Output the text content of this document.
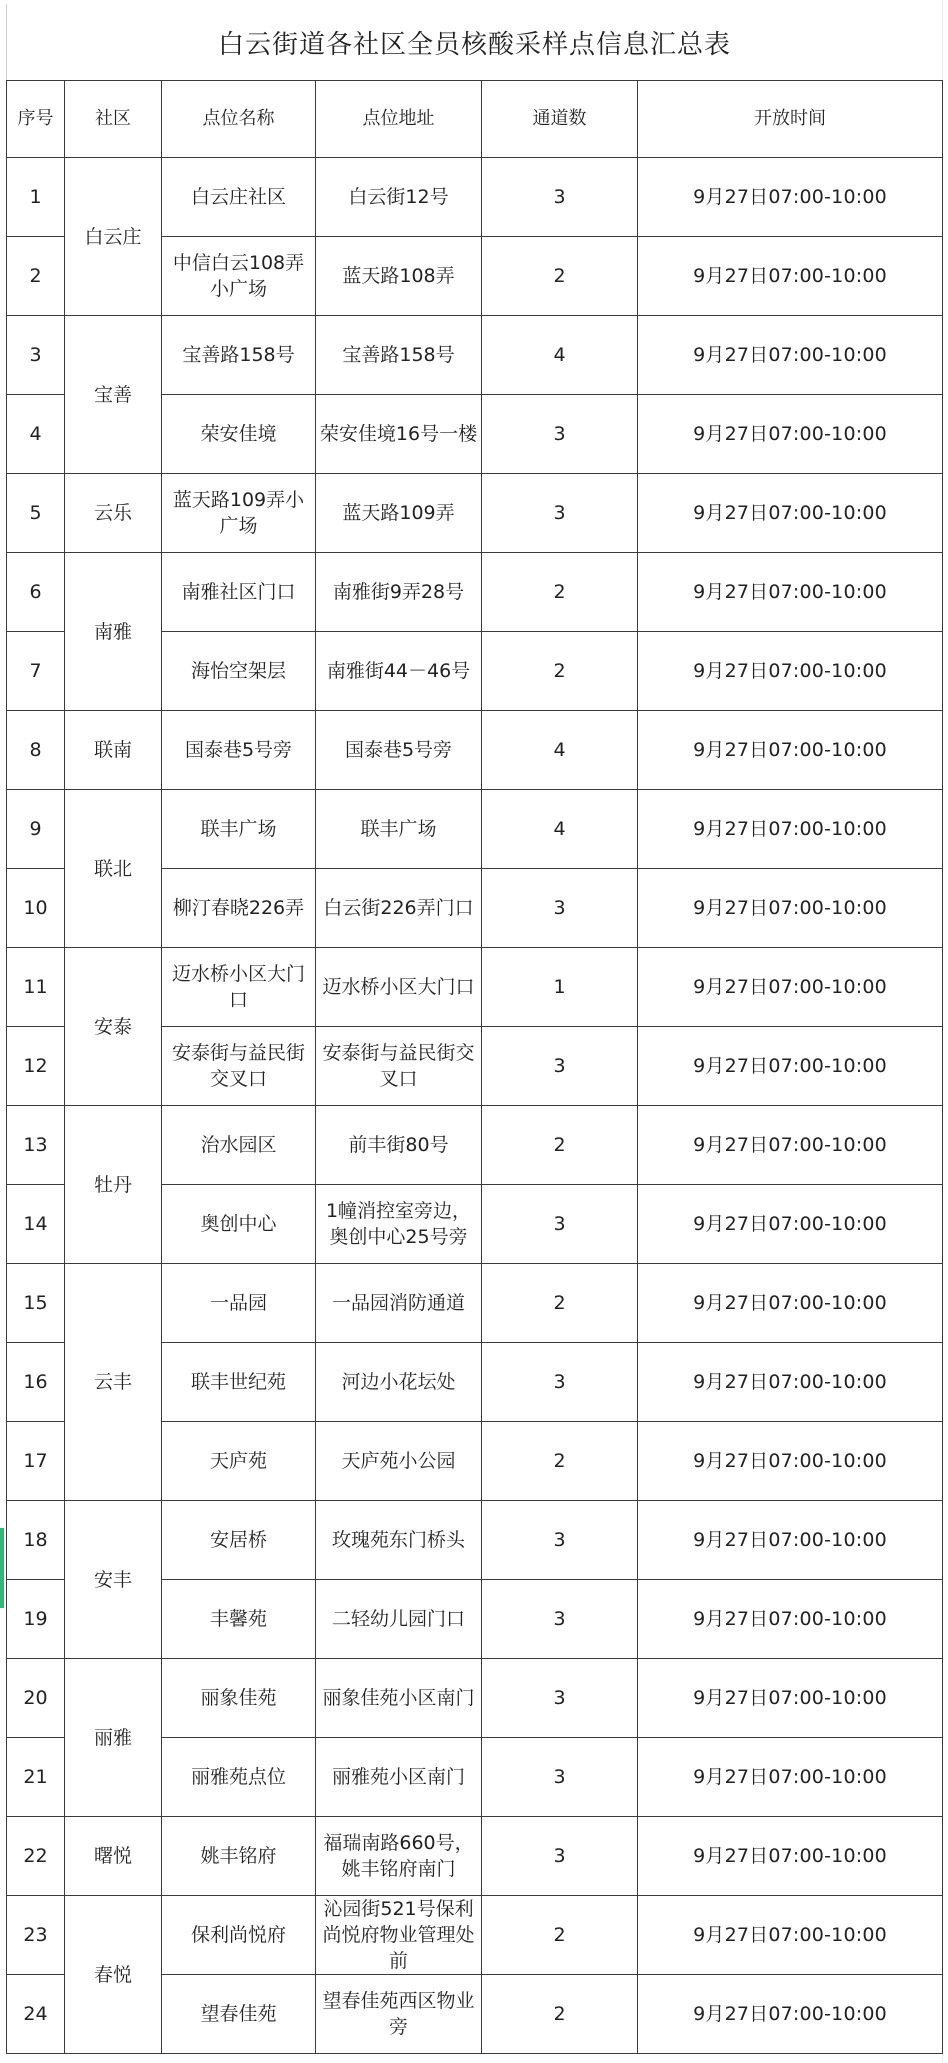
白云街道各社区全员核酸采样点信息汇总表
序号	社区	点位名称	点位地址	通道数	开放时间
1	白云庄	白云庄社区	白云街12号	3	9月27日07:00-10:00
2		中信白云108弄小广场	蓝天路108弄	2	9月27日07:00-10:00
3	宝善	宝善路158号	宝善路158号	4	9月27日07:00-10:00
4		荣安佳境	荣安佳境16号一楼	3	9月27日07:00-10:00
5	云乐	蓝天路109弄小广场	蓝天路109弄	3	9月27日07:00-10:00
6	南雅	南雅社区门口	南雅街9弄28号	2	9月27日07:00-10:00
7		海怡空架层	南雅街44－46号	2	9月27日07:00-10:00
8	联南	国泰巷5号旁	国泰巷5号旁	4	9月27日07:00-10:00
9	联北	联丰广场	联丰广场	4	9月27日07:00-10:00
10		柳汀春晓226弄	白云街226弄门口	3	9月27日07:00-10:00
11	安泰	迈水桥小区大门口	迈水桥小区大门口	1	9月27日07:00-10:00
12		安泰街与益民街交叉口	安泰街与益民街交叉口	3	9月27日07:00-10:00
13	牡丹	治水园区	前丰街80号	2	9月27日07:00-10:00
14		奥创中心	1幢消控室旁边，奥创中心25号旁	3	9月27日07:00-10:00
15	云丰	一品园	一品园消防通道	2	9月27日07:00-10:00
16		联丰世纪苑	河边小花坛处	3	9月27日07:00-10:00
17		天庐苑	天庐苑小公园	2	9月27日07:00-10:00
18	安丰	安居桥	玫瑰苑东门桥头	3	9月27日07:00-10:00
19		丰馨苑	二轻幼儿园门口	3	9月27日07:00-10:00
20	丽雅	丽象佳苑	丽象佳苑小区南门	3	9月27日07:00-10:00
21		丽雅苑点位	丽雅苑小区南门	3	9月27日07:00-10:00
22	曙悦	姚丰铭府	福瑞南路660号，姚丰铭府南门	3	9月27日07:00-10:00
23	春悦	保利尚悦府	沁园街521号保利尚悦府物业管理处前	2	9月27日07:00-10:00
24		望春佳苑	望春佳苑西区物业旁	2	9月27日07:00-10:00
